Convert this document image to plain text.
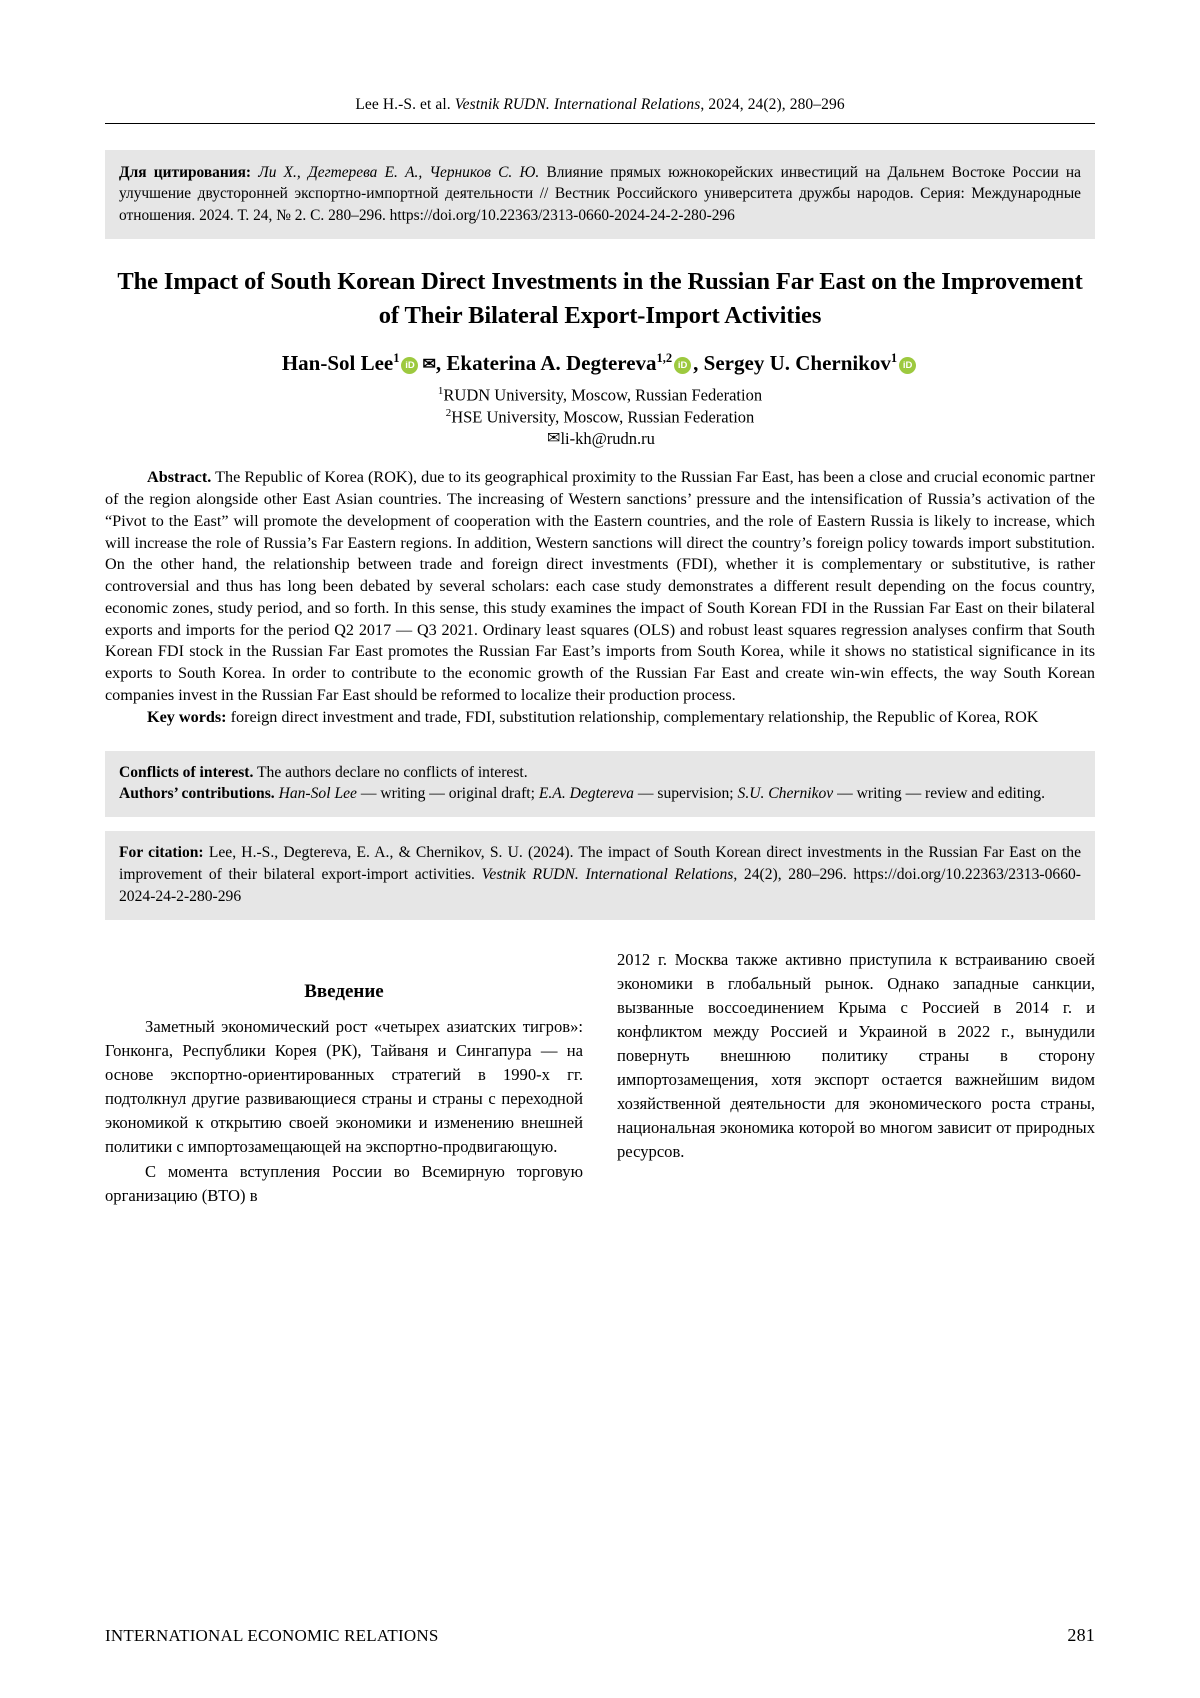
Lee H.-S. et al. Vestnik RUDN. International Relations, 2024, 24(2), 280–296
Для цитирования: Ли Х., Дегтерева Е. А., Черников С. Ю. Влияние прямых южнокорейских инвестиций на Дальнем Востоке России на улучшение двусторонней экспортно-импортной деятельности // Вестник Российского университета дружбы народов. Серия: Международные отношения. 2024. Т. 24, № 2. С. 280–296. https://doi.org/10.22363/2313-0660-2024-24-2-280-296
The Impact of South Korean Direct Investments in the Russian Far East on the Improvement of Their Bilateral Export-Import Activities
Han-Sol Lee$^1$iD ✉, Ekaterina A. Degtereva$^{1,2}$iD , Sergey U. Chernikov$^1$iD
$^1$RUDN University, Moscow, Russian Federation
$^2$HSE University, Moscow, Russian Federation
✉li-kh@rudn.ru

Abstract. The Republic of Korea (ROK), due to its geographical proximity to the Russian Far East, has been a close and crucial economic partner of the region alongside other East Asian countries. The increasing of Western sanctions’ pressure and the intensification of Russia’s activation of the “Pivot to the East” will promote the development of cooperation with the Eastern countries, and the role of Eastern Russia is likely to increase, which will increase the role of Russia’s Far Eastern regions. In addition, Western sanctions will direct the country’s foreign policy towards import substitution. On the other hand, the relationship between trade and foreign direct investments (FDI), whether it is complementary or substitutive, is rather controversial and thus has long been debated by several scholars: each case study demonstrates a different result depending on the focus country, economic zones, study period, and so forth. In this sense, this study examines the impact of South Korean FDI in the Russian Far East on their bilateral exports and imports for the period Q2 2017 — Q3 2021. Ordinary least squares (OLS) and robust least squares regression analyses confirm that South Korean FDI stock in the Russian Far East promotes the Russian Far East’s imports from South Korea, while it shows no statistical significance in its exports to South Korea. In order to contribute to the economic growth of the Russian Far East and create win-win effects, the way South Korean companies invest in the Russian Far East should be reformed to localize their production process.

Key words: foreign direct investment and trade, FDI, substitution relationship, complementary relationship, the Republic of Korea, ROK

Conflicts of interest. The authors declare no conflicts of interest.

Authors’ contributions. Han-Sol Lee — writing — original draft; E.A. Degtereva — supervision; S.U. Chernikov — writing — review and editing.

For citation: Lee, H.-S., Degtereva, E. A., & Chernikov, S. U. (2024). The impact of South Korean direct investments in the Russian Far East on the improvement of their bilateral export-import activities. Vestnik RUDN. International Relations, 24(2), 280–296. https://doi.org/10.22363/2313-0660-2024-24-2-280-296
Введение

Заметный экономический рост «четырех азиатских тигров»: Гонконга, Республики Корея (РК), Тайваня и Сингапура — на основе экспортно-ориентированных стратегий в 1990-х гг. подтолкнул другие развивающиеся страны и страны с переходной экономикой к открытию своей экономики и изменению внешней политики с импортозамещающей на экспортно-продвигающую.

С момента вступления России во Всемирную торговую организацию (ВТО) в

2012 г. Москва также активно приступила к встраиванию своей экономики в глобальный рынок. Однако западные санкции, вызванные воссоединением Крыма с Россией в 2014 г. и конфликтом между Россией и Украиной в 2022 г., вынудили повернуть внешнюю политику страны в сторону импортозамещения, хотя экспорт остается важнейшим видом хозяйственной деятельности для экономического роста страны, национальная экономика которой во многом зависит от природных ресурсов.

INTERNATIONAL ECONOMIC RELATIONS	281
